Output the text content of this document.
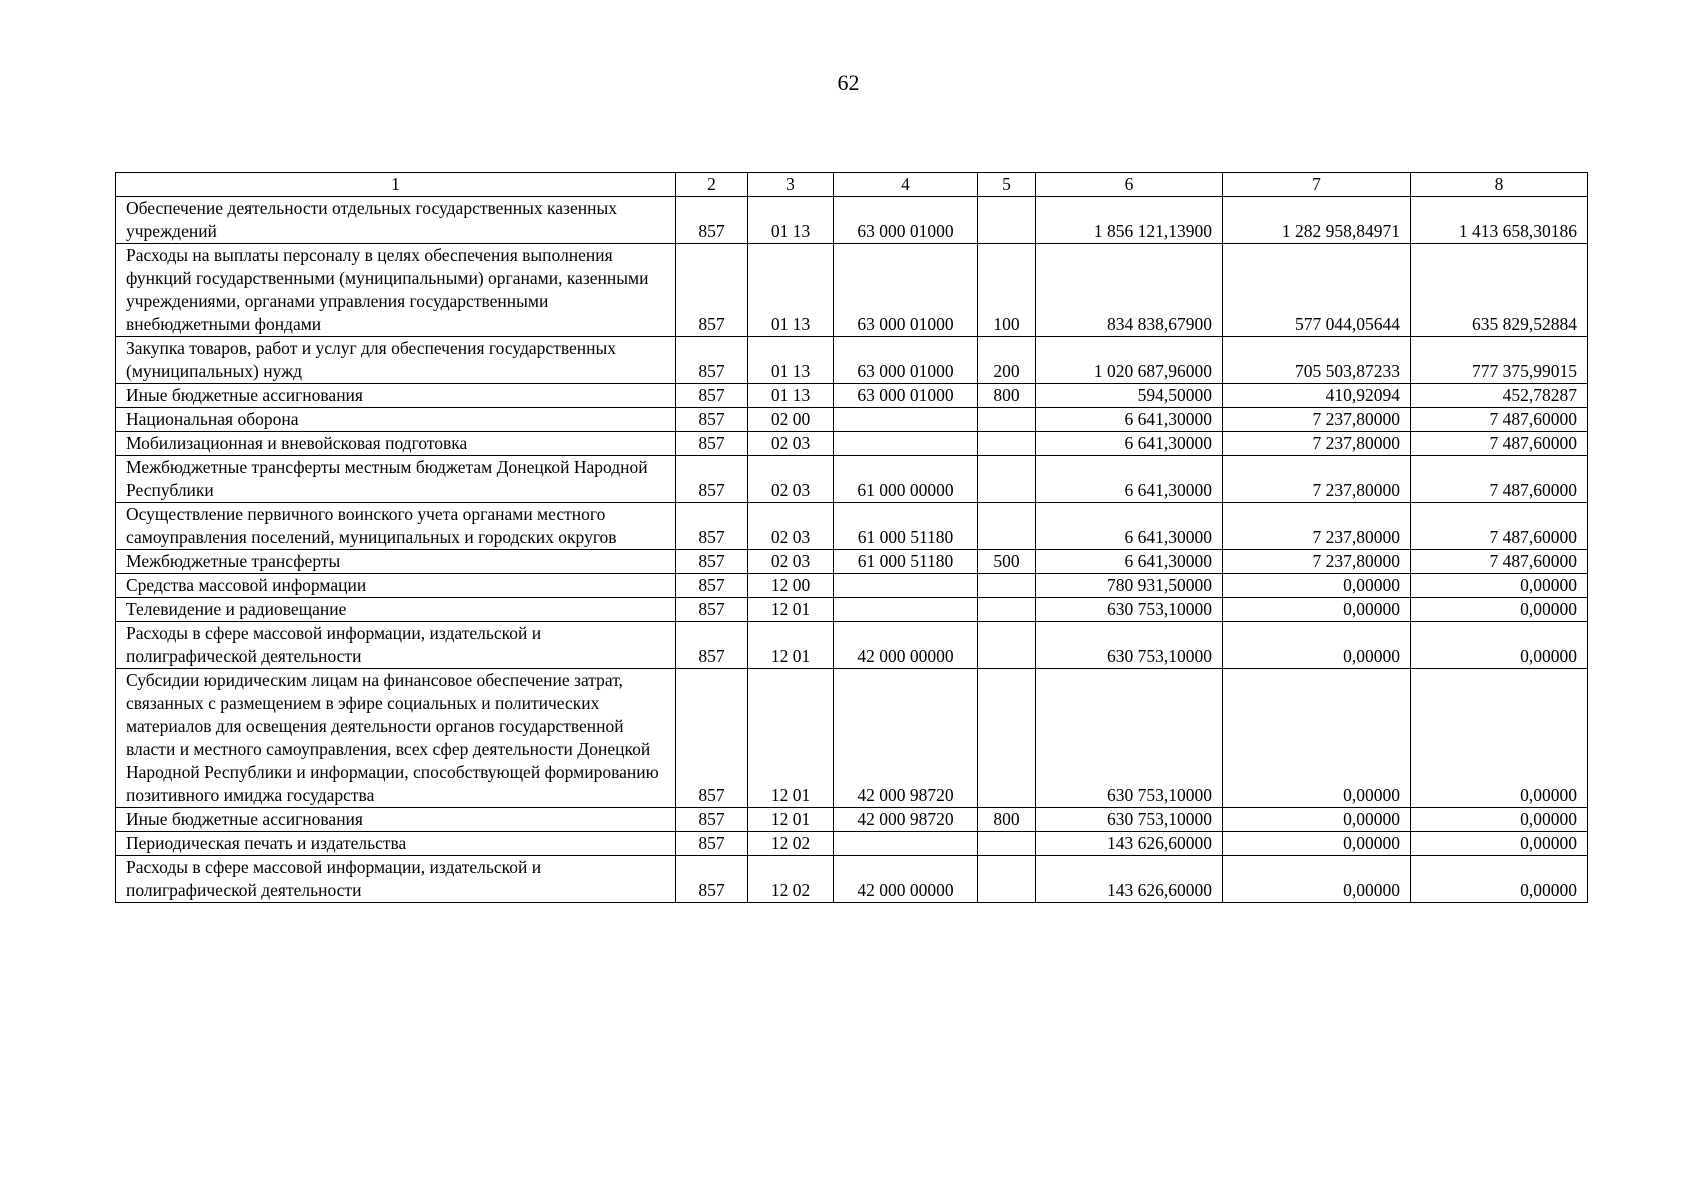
62
1	2	3	4	5	6	7	8
Обеспечение деятельности отдельных государственных казенных учреждений	857	01 13	63 000 01000		1 856 121,13900	1 282 958,84971	1 413 658,30186
Расходы на выплаты персоналу в целях обеспечения выполнения функций государственными (муниципальными) органами, казенными учреждениями, органами управления государственными внебюджетными фондами	857	01 13	63 000 01000	100	834 838,67900	577 044,05644	635 829,52884
Закупка товаров, работ и услуг для обеспечения государственных (муниципальных) нужд	857	01 13	63 000 01000	200	1 020 687,96000	705 503,87233	777 375,99015
Иные бюджетные ассигнования	857	01 13	63 000 01000	800	594,50000	410,92094	452,78287
Национальная оборона	857	02 00			6 641,30000	7 237,80000	7 487,60000
Мобилизационная и вневойсковая подготовка	857	02 03			6 641,30000	7 237,80000	7 487,60000
Межбюджетные трансферты местным бюджетам Донецкой Народной Республики	857	02 03	61 000 00000		6 641,30000	7 237,80000	7 487,60000
Осуществление первичного воинского учета органами местного самоуправления поселений, муниципальных и городских округов	857	02 03	61 000 51180		6 641,30000	7 237,80000	7 487,60000
Межбюджетные трансферты	857	02 03	61 000 51180	500	6 641,30000	7 237,80000	7 487,60000
Средства массовой информации	857	12 00			780 931,50000	0,00000	0,00000
Телевидение и радиовещание	857	12 01			630 753,10000	0,00000	0,00000
Расходы в сфере массовой информации, издательской и полиграфической деятельности	857	12 01	42 000 00000		630 753,10000	0,00000	0,00000
Субсидии юридическим лицам на финансовое обеспечение затрат, связанных с размещением в эфире социальных и политических материалов для освещения деятельности органов государственной власти и местного самоуправления, всех сфер деятельности Донецкой Народной Республики и информации, способствующей формированию позитивного имиджа государства	857	12 01	42 000 98720		630 753,10000	0,00000	0,00000
Иные бюджетные ассигнования	857	12 01	42 000 98720	800	630 753,10000	0,00000	0,00000
Периодическая печать и издательства	857	12 02			143 626,60000	0,00000	0,00000
Расходы в сфере массовой информации, издательской и полиграфической деятельности	857	12 02	42 000 00000		143 626,60000	0,00000	0,00000
